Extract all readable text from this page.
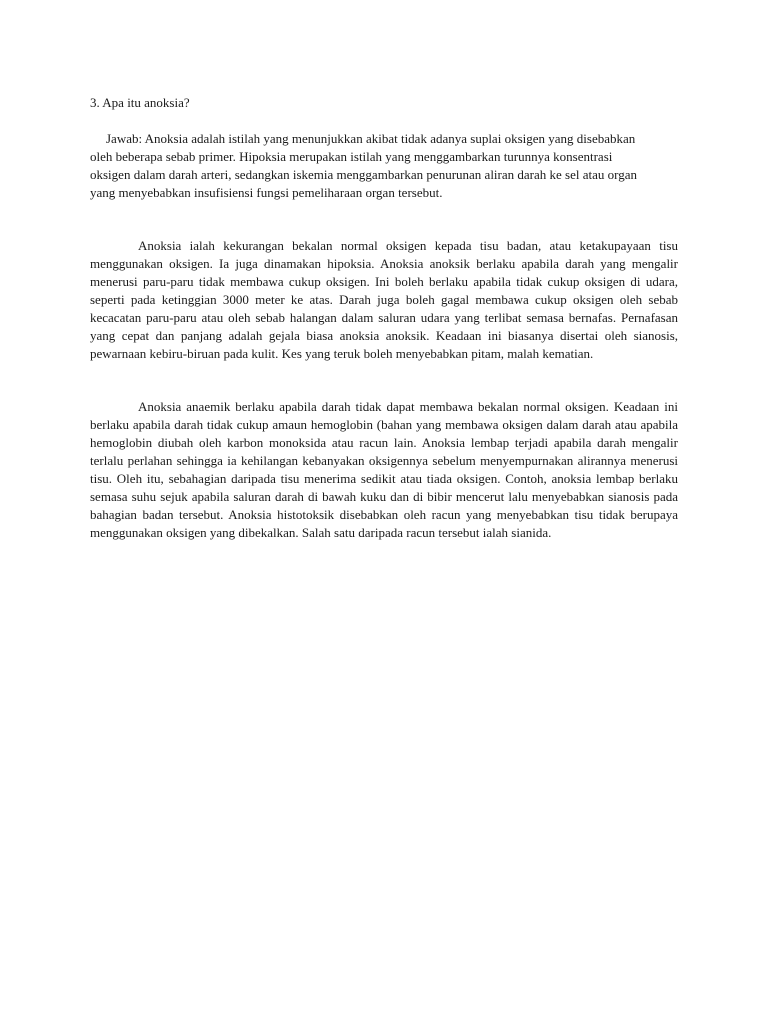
3. Apa itu anoksia?

Jawab: Anoksia adalah istilah yang menunjukkan akibat tidak adanya suplai oksigen yang disebabkan oleh beberapa sebab primer. Hipoksia merupakan istilah yang menggambarkan turunnya konsentrasi oksigen dalam darah arteri, sedangkan iskemia menggambarkan penurunan aliran darah ke sel atau organ yang menyebabkan insufisiensi fungsi pemeliharaan organ tersebut.

Anoksia ialah kekurangan bekalan normal oksigen kepada tisu badan, atau ketakupayaan tisu menggunakan oksigen. Ia juga dinamakan hipoksia. Anoksia anoksik berlaku apabila darah yang mengalir menerusi paru-paru tidak membawa cukup oksigen. Ini boleh berlaku apabila tidak cukup oksigen di udara, seperti pada ketinggian 3000 meter ke atas. Darah juga boleh gagal membawa cukup oksigen oleh sebab kecacatan paru-paru atau oleh sebab halangan dalam saluran udara yang terlibat semasa bernafas. Pernafasan yang cepat dan panjang adalah gejala biasa anoksia anoksik. Keadaan ini biasanya disertai oleh sianosis, pewarnaan kebiru-biruan pada kulit. Kes yang teruk boleh menyebabkan pitam, malah kematian.

Anoksia anaemik berlaku apabila darah tidak dapat membawa bekalan normal oksigen. Keadaan ini berlaku apabila darah tidak cukup amaun hemoglobin (bahan yang membawa oksigen dalam darah atau apabila hemoglobin diubah oleh karbon monoksida atau racun lain. Anoksia lembap terjadi apabila darah mengalir terlalu perlahan sehingga ia kehilangan kebanyakan oksigennya sebelum menyempurnakan alirannya menerusi tisu. Oleh itu, sebahagian daripada tisu menerima sedikit atau tiada oksigen. Contoh, anoksia lembap berlaku semasa suhu sejuk apabila saluran darah di bawah kuku dan di bibir mencerut lalu menyebabkan sianosis pada bahagian badan tersebut. Anoksia histotoksik disebabkan oleh racun yang menyebabkan tisu tidak berupaya menggunakan oksigen yang dibekalkan. Salah satu daripada racun tersebut ialah sianida.
